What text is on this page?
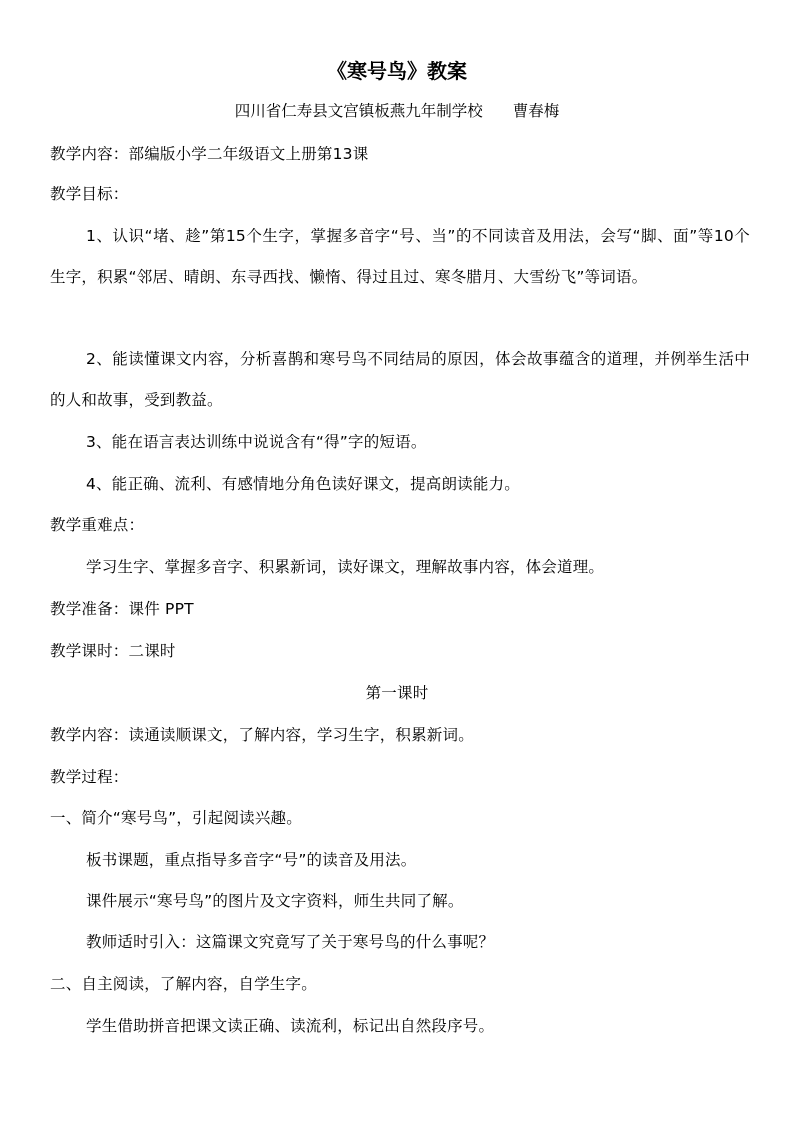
《寒号鸟》教案
四川省仁寿县文宫镇板燕九年制学校 曹春梅
教学内容：部编版小学二年级语文上册第13课
教学目标：
1、认识“堵、趁”第15个生字，掌握多音字“号、当”的不同读音及用法，会写“脚、面”等10个生字，积累“邻居、晴朗、东寻西找、懒惰、得过且过、寒冬腊月、大雪纷飞”等词语。
2、能读懂课文内容，分析喜鹊和寒号鸟不同结局的原因，体会故事蕴含的道理，并例举生活中的人和故事，受到教益。
3、能在语言表达训练中说说含有“得”字的短语。
4、能正确、流利、有感情地分角色读好课文，提高朗读能力。
教学重难点：
学习生字、掌握多音字、积累新词，读好课文，理解故事内容，体会道理。
教学准备：课件 PPT
教学课时：二课时
第一课时
教学内容：读通读顺课文，了解内容，学习生字，积累新词。
教学过程：
一、简介“寒号鸟”，引起阅读兴趣。
板书课题，重点指导多音字“号”的读音及用法。
课件展示“寒号鸟”的图片及文字资料，师生共同了解。
教师适时引入：这篇课文究竟写了关于寒号鸟的什么事呢？
二、自主阅读，了解内容，自学生字。
学生借助拼音把课文读正确、读流利，标记出自然段序号。
